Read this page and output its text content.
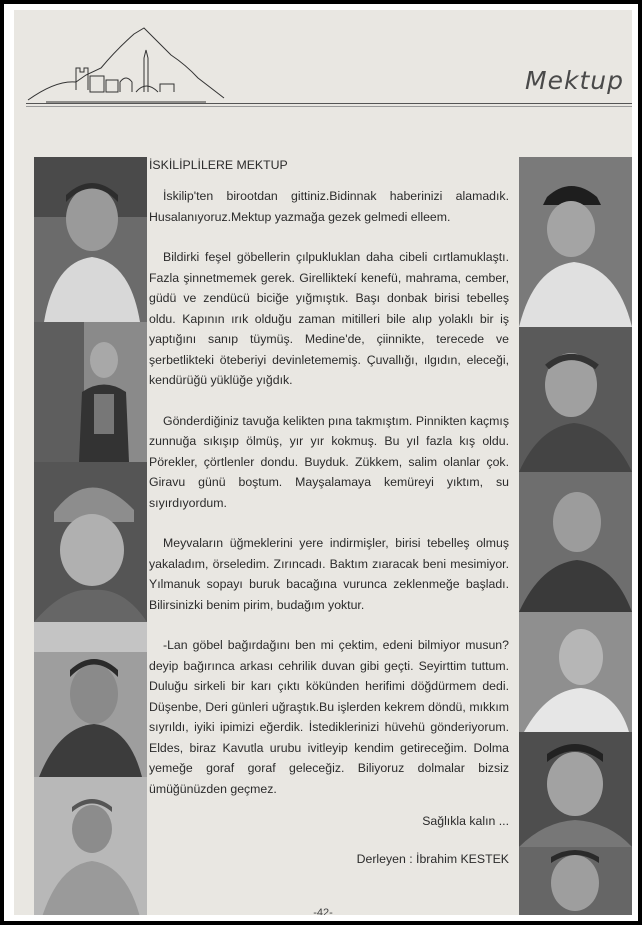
Mektup
İSKİLİPLİLERE MEKTUP

İskilip'ten birootdan gittiniz.Bidinnak haberinizi alamadık. Husalanıyoruz.Mektup yazmağa gezek gelmedi elleem.

Bildirki feşel göbellerin çılpukluklan daha cibeli cırtlamuklaştı. Fazla şinnetmemek gerek. Girelliktekí kenefü, mahrama, cember, güdü ve zendücü biciğe yığmıştık. Başı donbak birisi tebelleş oldu. Kapının ırık olduğu zaman mitilleri bile alıp yolaklı bir iş yaptığını sanıp tüymüş. Medine'de, çiinnikte, terecede ve şerbetlikteki öteberiyi devinletememiş. Çuvallığı, ılgıdın, eleceği, kendürüğü yüklüğe yığdık.

Gönderdiğiniz tavuğa kelikten pına takmıştım. Pinnikten kaçmış zunnuğa sıkışıp ölmüş, yır yır kokmuş. Bu yıl fazla kış oldu. Pörekler, çörtlenler dondu. Buyduk. Zükkem, salim olanlar çok. Giravu günü boştum. Mayşalamaya kemüreyi yıktım, su sıyırdıyordum.

Meyvaların üğmeklerini yere indirmişler, birisi tebelleş olmuş yakaladım, örseledim. Zırıncadı. Baktım zıaracak beni mesimiyor. Yılmanuk sopayı buruk bacağına vurunca zeklenmeğe başladı. Bilirsinizki benim pirim, budağım yoktur.

-Lan göbel bağırdağını ben mi çektim, edeni bilmiyor musun? deyip bağırınca arkası cehrilik duvan gibi geçti. Seyirttim tuttum. Duluğu sirkeli bir karı çıktı kökünden herifimi döğdürmem dedi. Düşenbe, Deri günleri uğraştık.Bu işlerden kekrem döndü, mıkkım sıyrıldı, iyiki ipimizi eğerdik. İstediklerinizi hüvehü gönderiyorum. Eldes, biraz Kavutla urubu ivitleyip kendim getireceğim. Dolma yemeğe goraf goraf geleceğiz. Biliyoruz dolmalar bizsiz ümüğünüzden geçmez.

Sağlıkla kalın ...
Derleyen : İbrahim KESTEK
-42-
